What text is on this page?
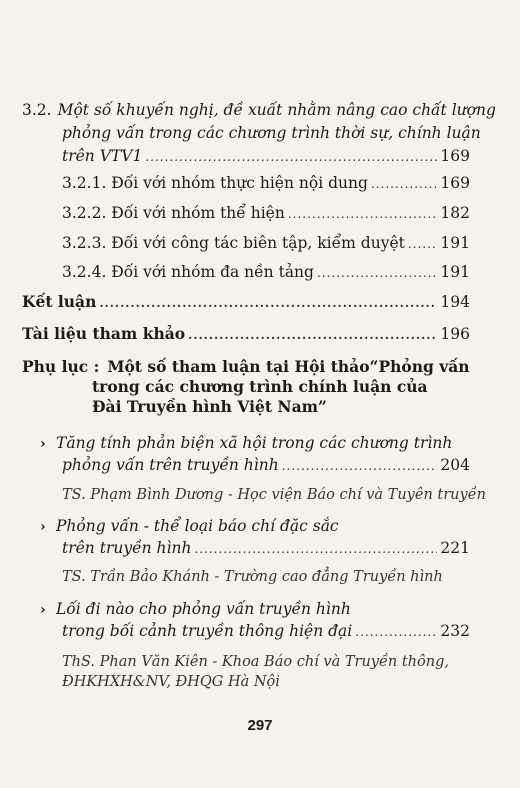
3.2. Một số khuyến nghị, đề xuất nhằm nâng cao chất lượng
phỏng vấn trong các chương trình thời sự, chính luận
trên VTV1 .....	169
3.2.1. Đối với nhóm thực hiện nội dung .....	169
3.2.2. Đối với nhóm thể hiện .....	182
3.2.3. Đối với công tác biên tập, kiểm duyệt ..... 191
3.2.4. Đối với nhóm đa nền tảng .....	191
Kết luận .....	194
Tài liệu tham khảo .....	196
Phụ lục : Một số tham luận tại Hội thảo“Phỏng vấn
trong các chương trình chính luận của
Đài Truyền hình Việt Nam”
› Tăng tính phản biện xã hội trong các chương trình
phỏng vấn trên truyền hình .....	204
TS. Phạm Bình Dương - Học viện Báo chí và Tuyên truyền
› Phỏng vấn - thể loại báo chí đặc sắc
trên truyền hình .....	221
TS. Trần Bảo Khánh - Trường cao đẳng Truyền hình
› Lối đi nào cho phỏng vấn truyền hình
trong bối cảnh truyền thông hiện đại .....	232
ThS. Phan Văn Kiên - Khoa Báo chí và Truyền thông,
ĐHKHXH&NV, ĐHQG Hà Nội
297
